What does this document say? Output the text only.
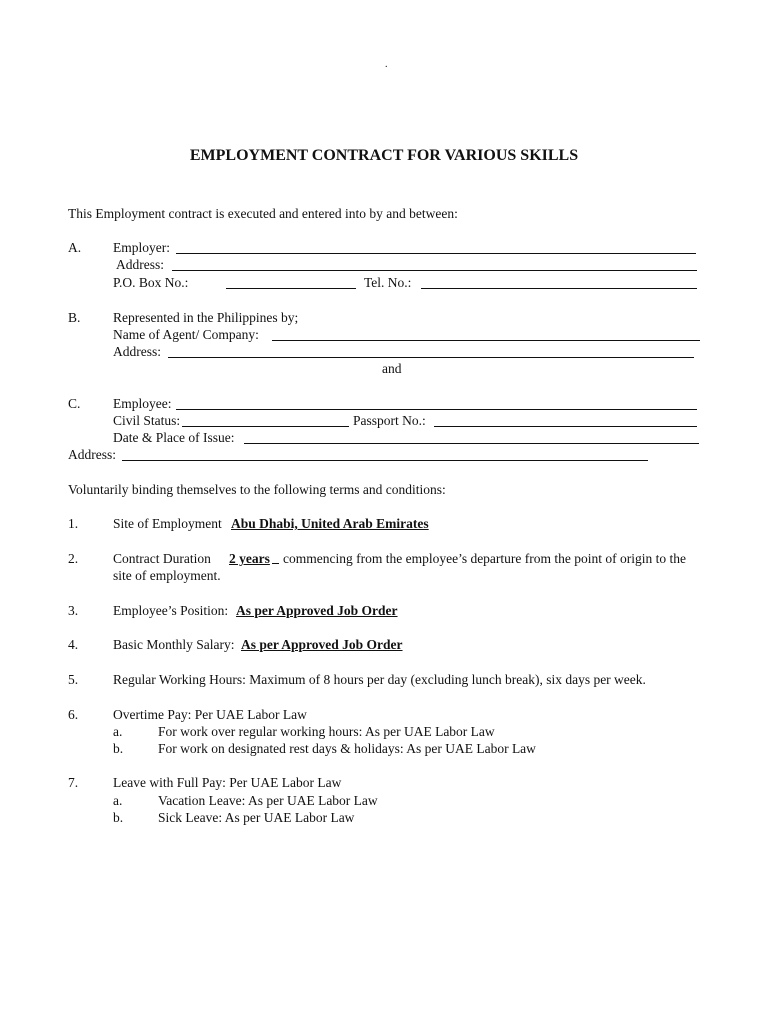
.
EMPLOYMENT CONTRACT FOR VARIOUS SKILLS
This Employment contract is executed and entered into by and between:
A. Employer:
Address:
P.O. Box No.:	Tel. No.:
B. Represented in the Philippines by;
Name of Agent/ Company:
Address:
and
C. Employee:
Civil Status:	Passport No.:
Date & Place of Issue:
Address:
Voluntarily binding themselves to the following terms and conditions:
1.	Site of Employment Abu Dhabi, United Arab Emirates
2.	Contract Duration 2 years commencing from the employee’s departure from the point of origin to the
site of employment.
3.	Employee’s Position: As per Approved Job Order
4.	Basic Monthly Salary: As per Approved Job Order
5.	Regular Working Hours: Maximum of 8 hours per day (excluding lunch break), six days per week.
6.	Overtime Pay: Per UAE Labor Law
a.	For work over regular working hours: As per UAE Labor Law
b.	For work on designated rest days & holidays: As per UAE Labor Law
7.	Leave with Full Pay: Per UAE Labor Law
a.	Vacation Leave: As per UAE Labor Law
b.	Sick Leave: As per UAE Labor Law
